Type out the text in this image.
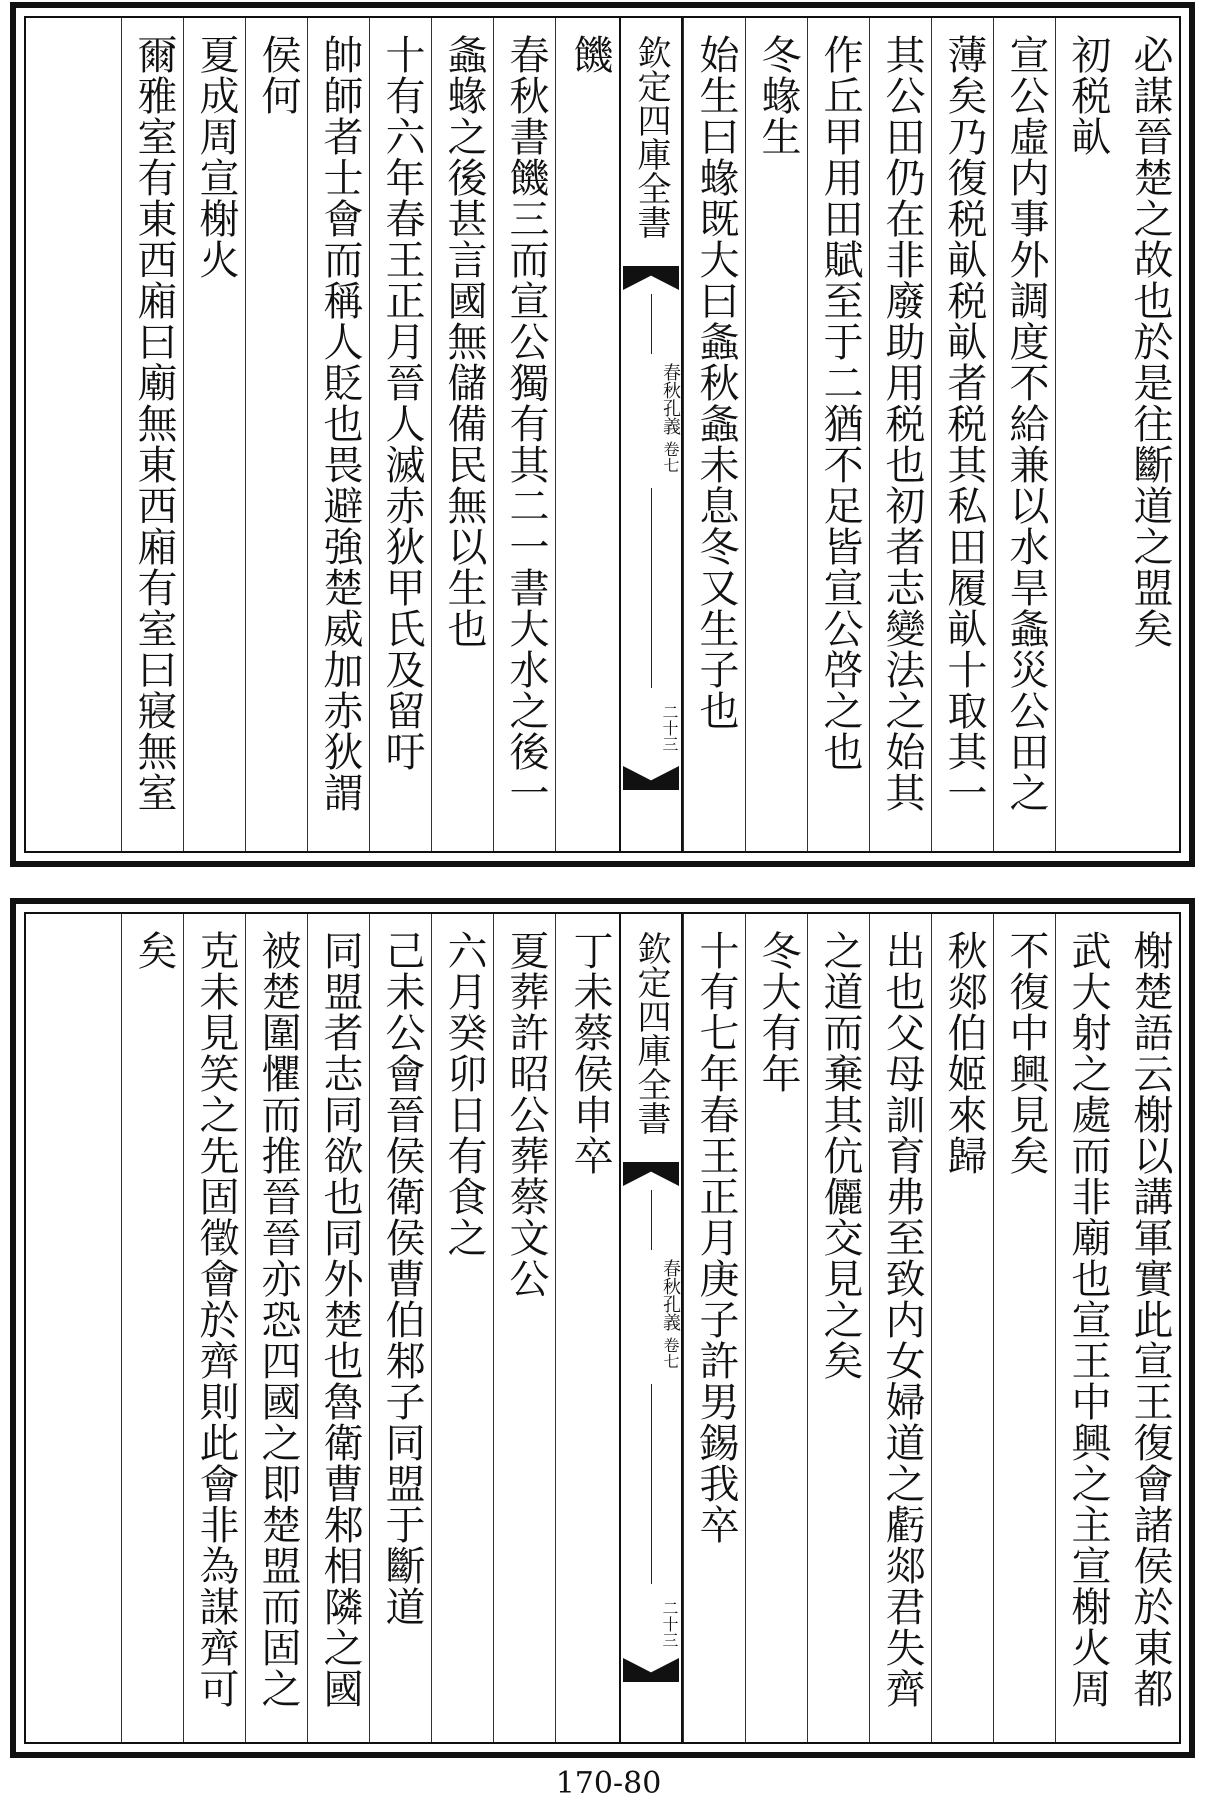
必謀晉楚之故也於是往斷道之盟矣
初税畒
宣公虛内事外調度不給兼以水旱螽災公田之
薄矣乃復税畒税畒者税其私田履畒十取其一
其公田仍在非廢助用税也初者志變法之始其
作丘甲用田賦至于二猶不足皆宣公啓之也
冬蝝生
始生曰蝝既大曰螽秋螽未息冬又生子也
欽定四庫全書
春秋孔義
卷七
二十三
饑
春秋書饑三而宣公獨有其二一書大水之後一
螽蝝之後甚言國無儲備民無以生也
十有六年春王正月晉人滅赤狄甲氏及留吁
帥師者士會而稱人貶也畏避強楚威加赤狄謂
侯何
夏成周宣榭火
爾雅室有東西廂曰廟無東西廂有室曰寢無室
榭楚語云榭以講軍實此宣王復會諸侯於東都
武大射之處而非廟也宣王中興之主宣榭火周
不復中興見矣
秋郯伯姬來歸
出也父母訓育弗至致内女婦道之虧郯君失齊
之道而棄其伉儷交見之矣
冬大有年
十有七年春王正月庚子許男錫我卒
欽定四庫全書
春秋孔義
卷七
二十三
丁未蔡侯申卒
夏葬許昭公葬蔡文公
六月癸卯日有食之
己未公會晉侯衛侯曹伯邾子同盟于斷道
同盟者志同欲也同外楚也魯衛曹邾相隣之國
被楚圍懼而推晉晉亦恐四國之即楚盟而固之
克未見笑之先固徵會於齊則此會非為謀齊可
矣
170-80
